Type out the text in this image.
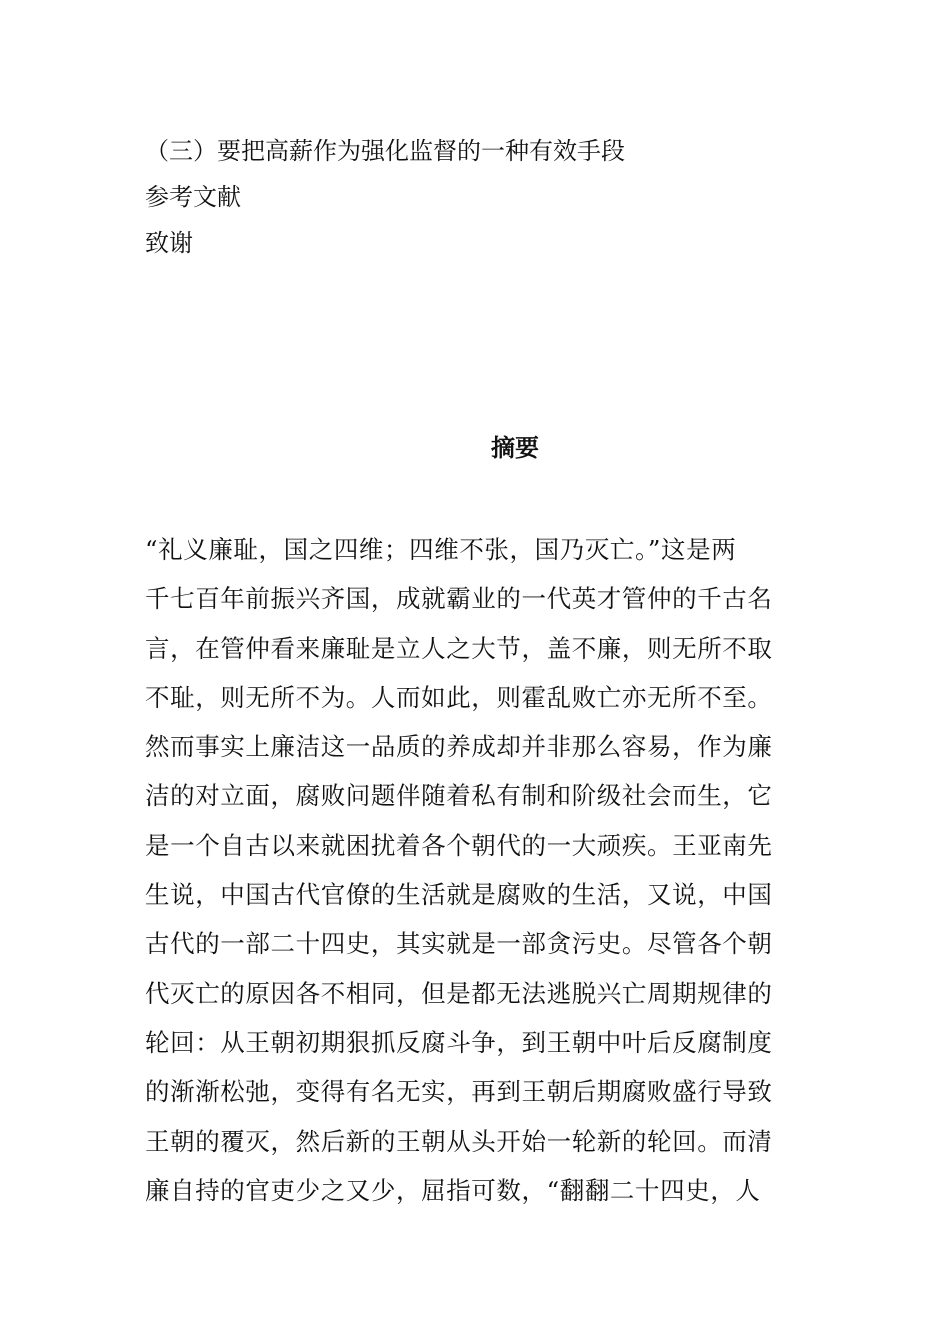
（三）要把高薪作为强化监督的一种有效手段
参考文献
致谢
摘要
“礼义廉耻，国之四维；四维不张，国乃灭亡。”这是两
千七百年前振兴齐国，成就霸业的一代英才管仲的千古名
言，在管仲看来廉耻是立人之大节，盖不廉，则无所不取
不耻，则无所不为。人而如此，则霍乱败亡亦无所不至。
然而事实上廉洁这一品质的养成却并非那么容易，作为廉
洁的对立面，腐败问题伴随着私有制和阶级社会而生，它
是一个自古以来就困扰着各个朝代的一大顽疾。王亚南先
生说，中国古代官僚的生活就是腐败的生活，又说，中国
古代的一部二十四史，其实就是一部贪污史。尽管各个朝
代灭亡的原因各不相同，但是都无法逃脱兴亡周期规律的
轮回：从王朝初期狠抓反腐斗争，到王朝中叶后反腐制度
的渐渐松弛，变得有名无实，再到王朝后期腐败盛行导致
王朝的覆灭，然后新的王朝从头开始一轮新的轮回。而清
廉自持的官吏少之又少，屈指可数，“翻翻二十四史，人
